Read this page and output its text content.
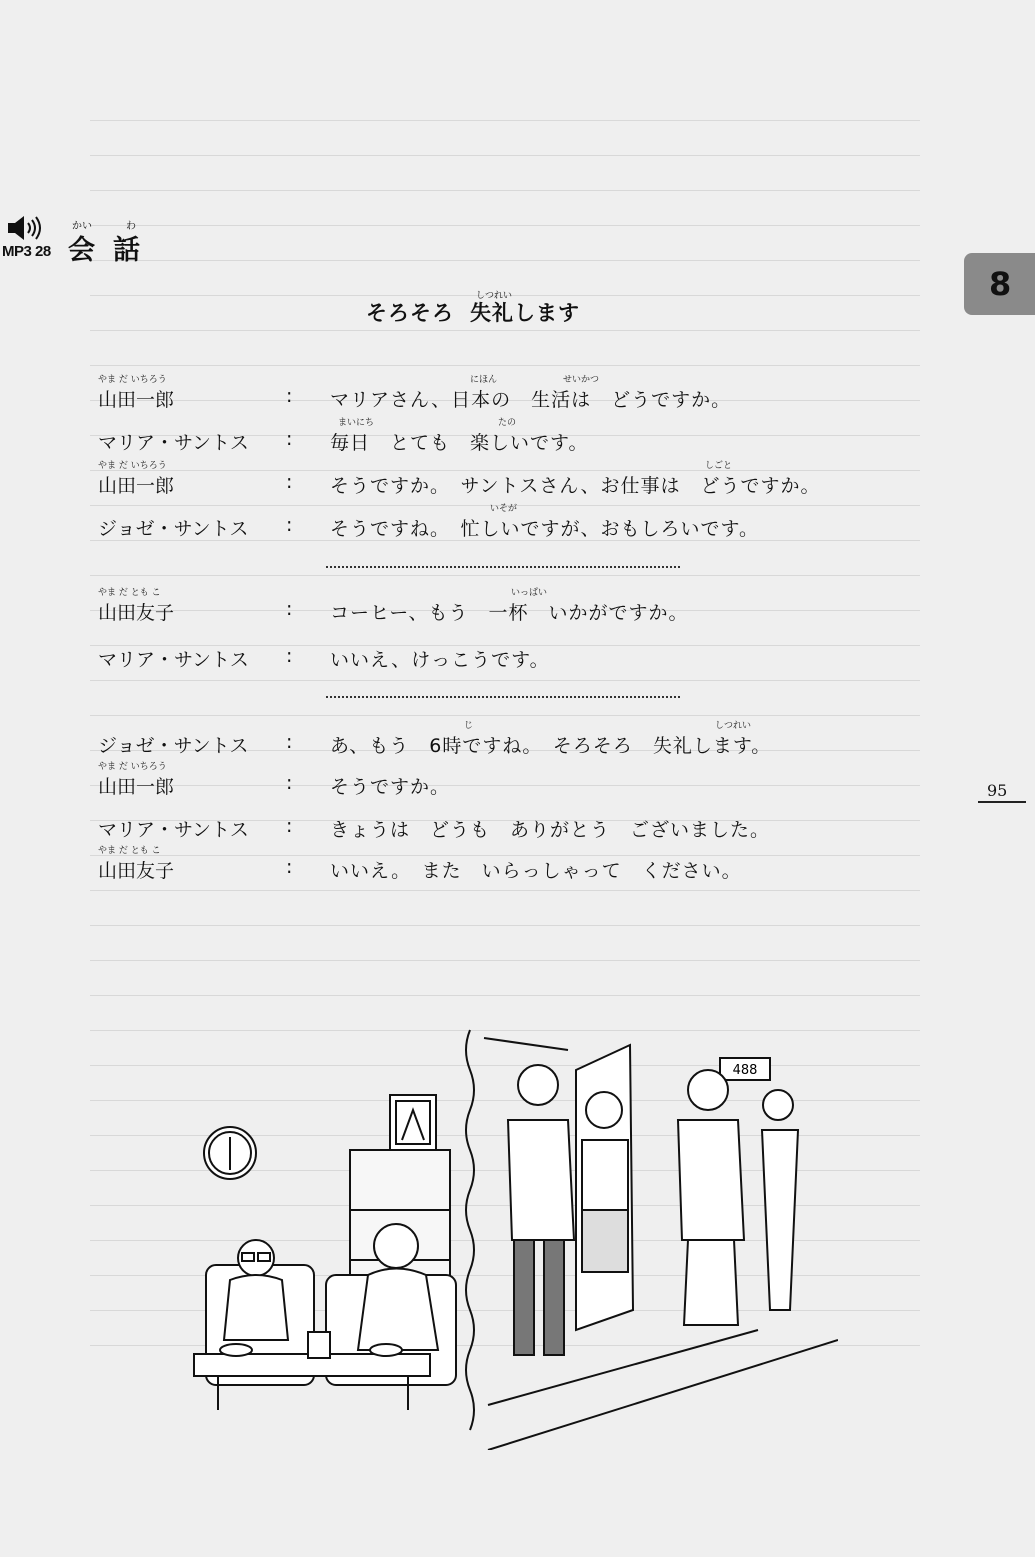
MP3 28
かい	わ
会話
8
しつれい
そろそろ 失礼します
やま だ いちろう
山田一郎	:
にほん	せいかつ
マリアさん、日本の　生活は　どうですか。
マリア・サントス	:
まいにち	たの
毎日　とても　楽しいです。
やま だ いちろう
山田一郎	:
しごと
そうですか。　サントスさん、お仕事は　どうですか。
ジョゼ・サントス	:
いそが
そうですね。　忙しいですが、おもしろいです。
やま だ とも こ
山田友子	:
いっぱい
コーヒー、もう　一杯　いかがですか。
マリア・サントス	: いいえ、けっこうです。
ジョゼ・サントス	:
じ	しつれい
あ、もう　6時ですね。　そろそろ　失礼します。
やま だ いちろう
山田一郎	: そうですか。
マリア・サントス	: きょうは　どうも　ありがとう　ございました。
やま だ とも こ
山田友子	: いいえ。　また　いらっしゃって　ください。
95
488
